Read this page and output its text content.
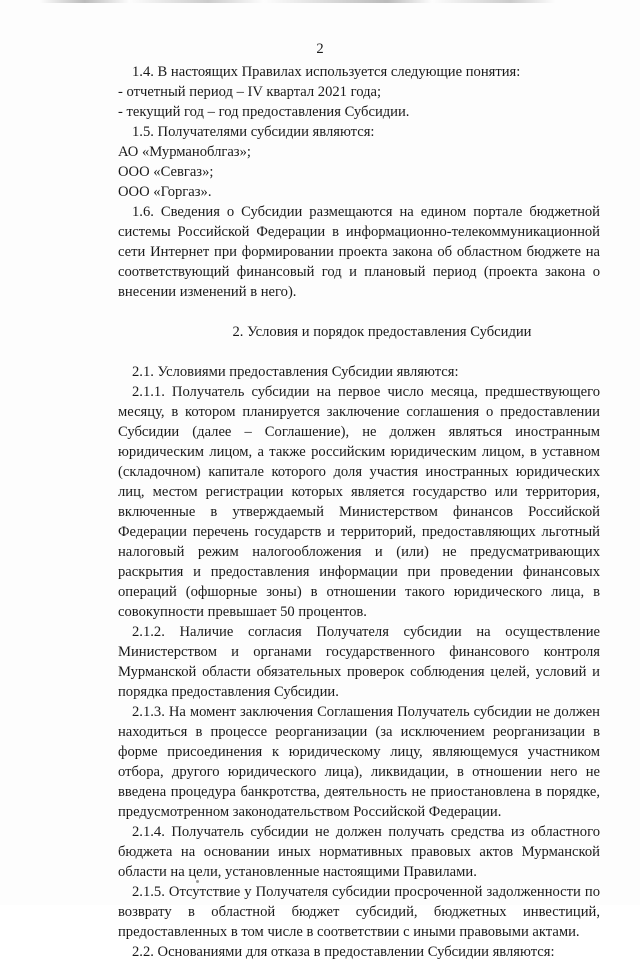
2

1.4. В настоящих Правилах используется следующие понятия:

- отчетный период – IV квартал 2021 года;

- текущий год – год предоставления Субсидии.

1.5. Получателями субсидии являются:

АО «Мурманоблгаз»;

ООО «Севгаз»;

ООО «Горгаз».

1.6. Сведения о Субсидии размещаются на едином портале бюджетной системы Российской Федерации в информационно-телекоммуникационной сети Интернет при формировании проекта закона об областном бюджете на соответствующий финансовый год и плановый период (проекта закона о внесении изменений в него).

2. Условия и порядок предоставления Субсидии

2.1. Условиями предоставления Субсидии являются:

2.1.1. Получатель субсидии на первое число месяца, предшествующего месяцу, в котором планируется заключение соглашения о предоставлении Субсидии (далее – Соглашение), не должен являться иностранным юридическим лицом, а также российским юридическим лицом, в уставном (складочном) капитале которого доля участия иностранных юридических лиц, местом регистрации которых является государство или территория, включенные в утверждаемый Министерством финансов Российской Федерации перечень государств и территорий, предоставляющих льготный налоговый режим налогообложения и (или) не предусматривающих раскрытия и предоставления информации при проведении финансовых операций (офшорные зоны) в отношении такого юридического лица, в совокупности превышает 50 процентов.

2.1.2. Наличие согласия Получателя субсидии на осуществление Министерством и органами государственного финансового контроля Мурманской области обязательных проверок соблюдения целей, условий и порядка предоставления Субсидии.

2.1.3. На момент заключения Соглашения Получатель субсидии не должен находиться в процессе реорганизации (за исключением реорганизации в форме присоединения к юридическому лицу, являющемуся участником отбора, другого юридического лица), ликвидации, в отношении него не введена процедура банкротства, деятельность не приостановлена в порядке, предусмотренном законодательством Российской Федерации.

2.1.4. Получатель субсидии не должен получать средства из областного бюджета на основании иных нормативных правовых актов Мурманской области на цели, установленные настоящими Правилами.

2.1.5. Отсутствие у Получателя субсидии просроченной задолженности по возврату в областной бюджет субсидий, бюджетных инвестиций, предоставленных в том числе в соответствии с иными правовыми актами.

2.2. Основаниями для отказа в предоставлении Субсидии являются:
